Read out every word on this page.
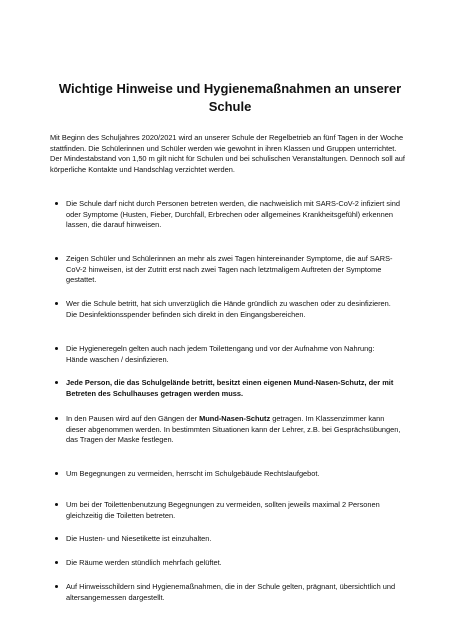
Wichtige Hinweise und Hygienemaßnahmen an unserer Schule

Mit Beginn des Schuljahres 2020/2021 wird an unserer Schule der Regelbetrieb an fünf Tagen in der Woche stattfinden. Die Schülerinnen und Schüler werden wie gewohnt in ihren Klassen und Gruppen unterrichtet. Der Mindestabstand von 1,50 m gilt nicht für Schulen und bei schulischen Veranstaltungen. Dennoch soll auf körperliche Kontakte und Handschlag verzichtet werden.

Die Schule darf nicht durch Personen betreten werden, die nachweislich mit SARS-CoV-2 infiziert sind oder Symptome (Husten, Fieber, Durchfall, Erbrechen oder allgemeines Krankheitsgefühl) erkennen lassen, die darauf hinweisen.
Zeigen Schüler und Schülerinnen an mehr als zwei Tagen hintereinander Symptome, die auf SARS-CoV-2 hinweisen, ist der Zutritt erst nach zwei Tagen nach letztmaligem Auftreten der Symptome gestattet.
Wer die Schule betritt, hat sich unverzüglich die Hände gründlich zu waschen oder zu desinfizieren.
Die Desinfektionsspender befinden sich direkt in den Eingangsbereichen.
Die Hygieneregeln gelten auch nach jedem Toilettengang und vor der Aufnahme von Nahrung:Hände waschen / desinfizieren.
Jede Person, die das Schulgelände betritt, besitzt einen eigenen Mund-Nasen-Schutz, der mit Betreten des Schulhauses getragen werden muss.
In den Pausen wird auf den Gängen der Mund-Nasen-Schutz getragen. Im Klassenzimmer kann dieser abgenommen werden. In bestimmten Situationen kann der Lehrer, z.B. bei Gesprächsübungen, das Tragen der Maske festlegen.
Um Begegnungen zu vermeiden, herrscht im Schulgebäude Rechtslaufgebot.
Um bei der Toilettenbenutzung Begegnungen zu vermeiden, sollten jeweils maximal 2 Personen gleichzeitig die Toiletten betreten.
Die Husten- und Niesetikette ist einzuhalten.
Die Räume werden stündlich mehrfach gelüftet.
Auf Hinweisschildern sind Hygienemaßnahmen, die in der Schule gelten, prägnant, übersichtlich und altersangemessen dargestellt.
